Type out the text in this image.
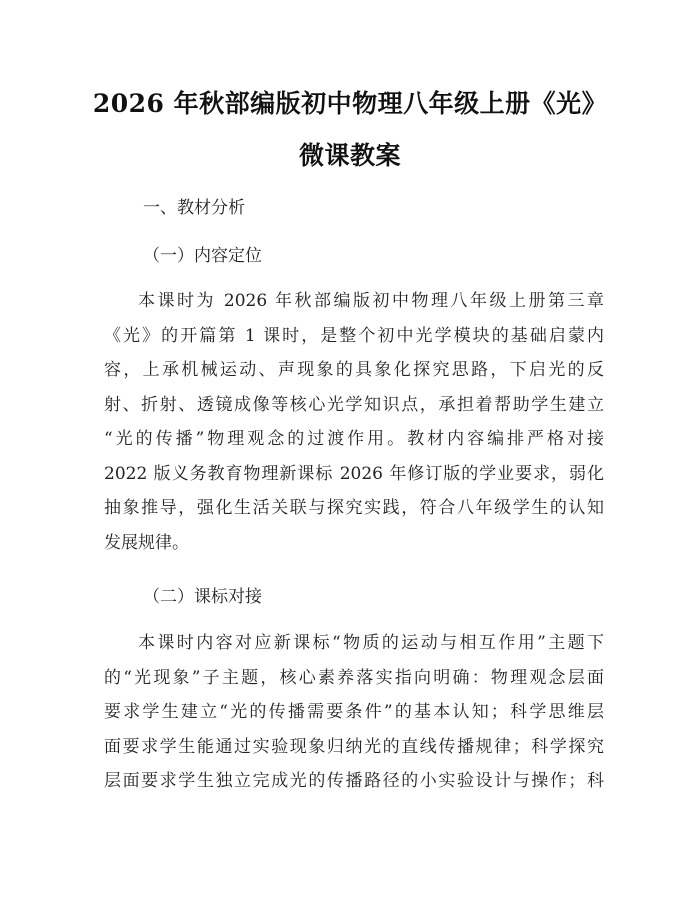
2026 年秋部编版初中物理八年级上册《光》
微课教案
一、教材分析
（一）内容定位
本课时为 2026 年秋部编版初中物理八年级上册第三章
《光》的开篇第 1 课时，是整个初中光学模块的基础启蒙内
容，上承机械运动、声现象的具象化探究思路，下启光的反
射、折射、透镜成像等核心光学知识点，承担着帮助学生建立
“光的传播”物理观念的过渡作用。教材内容编排严格对接
2022 版义务教育物理新课标 2026 年修订版的学业要求，弱化
抽象推导，强化生活关联与探究实践，符合八年级学生的认知
发展规律。
（二）课标对接
本课时内容对应新课标“物质的运动与相互作用”主题下
的“光现象”子主题，核心素养落实指向明确：物理观念层面
要求学生建立“光的传播需要条件”的基本认知；科学思维层
面要求学生能通过实验现象归纳光的直线传播规律；科学探究
层面要求学生独立完成光的传播路径的小实验设计与操作；科
